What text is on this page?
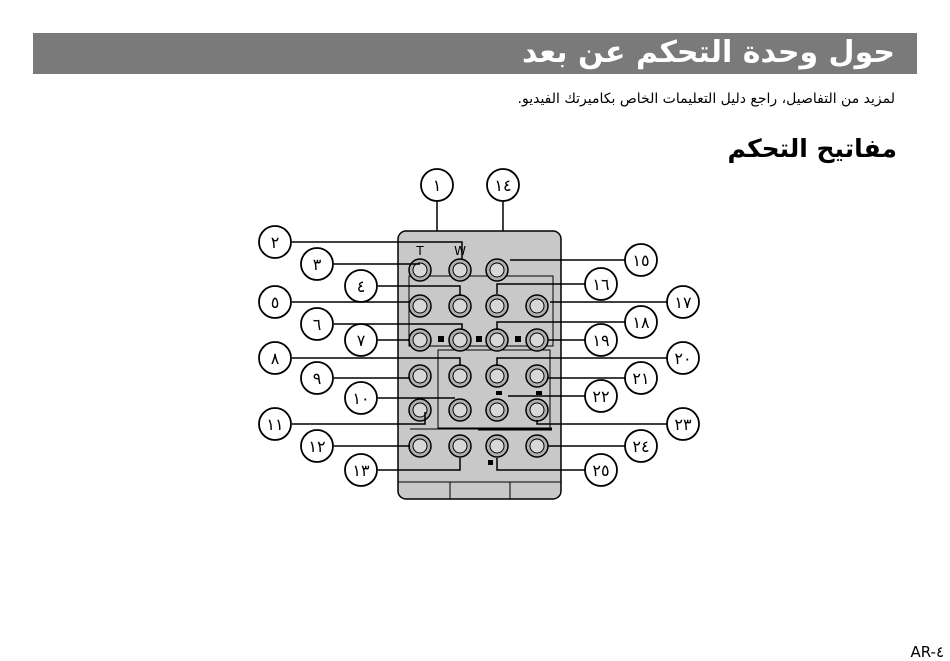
حول وحدة التحكم عن بعد
لمزيد من التفاصيل، راجع دليل التعليمات الخاص بكاميرتك الفيديو.
مفاتيح التحكم
T	W
١	١٤
٢
٣
٤
٥
٦
٧
٨
٩
١٠
١١
١٢
١٣
١٥
١٦
١٧
١٨
١٩
٢٠
٢١
٢٢
٢٣
٢٤
٢٥
AR-٤
